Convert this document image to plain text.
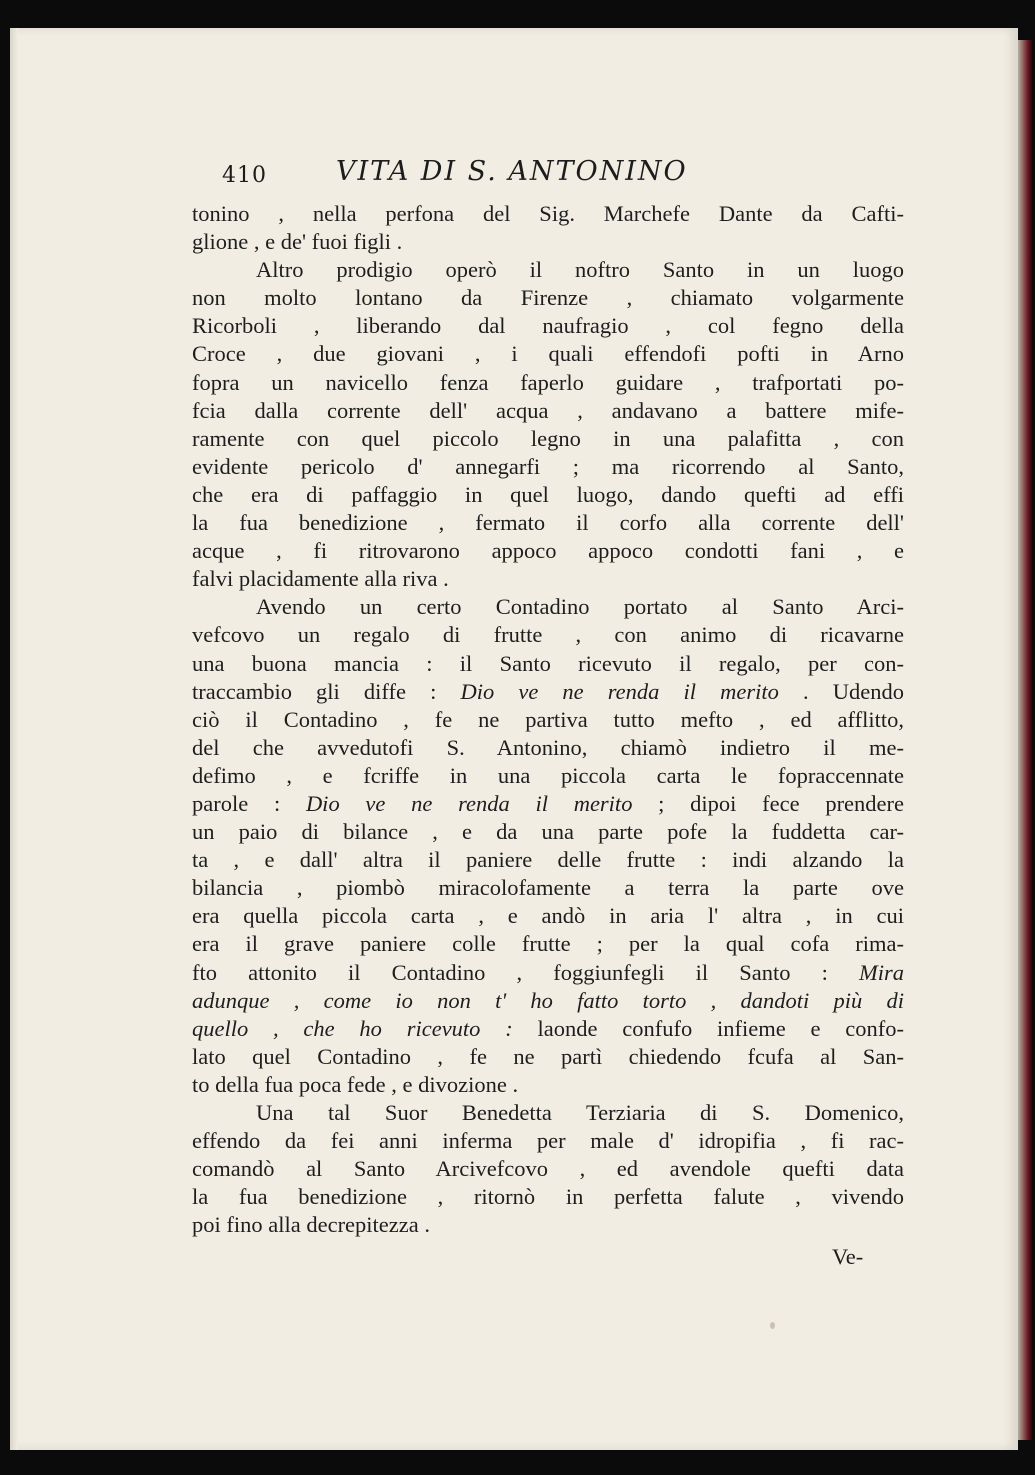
410	VITA DI S. ANTONINO
tonino , nella perfona del Sig. Marchefe Dante da Cafti-
glione , e de' fuoi figli .
Altro prodigio operò il noftro Santo in un luogo
non molto lontano da Firenze , chiamato volgarmente
Ricorboli , liberando dal naufragio , col fegno della
Croce , due giovani , i quali effendofi pofti in Arno
fopra un navicello fenza faperlo guidare , trafportati po-
fcia dalla corrente dell' acqua , andavano a battere mife-
ramente con quel piccolo legno in una palafitta , con
evidente pericolo d' annegarfi ; ma ricorrendo al Santo,
che era di paffaggio in quel luogo, dando quefti ad effi
la fua benedizione , fermato il corfo alla corrente dell'
acque , fi ritrovarono appoco appoco condotti fani , e
falvi placidamente alla riva .
Avendo un certo Contadino portato al Santo Arci-
vefcovo un regalo di frutte , con animo di ricavarne
una buona mancia : il Santo ricevuto il regalo, per con-
traccambio gli diffe : Dio ve ne renda il merito . Udendo
ciò il Contadino , fe ne partiva tutto mefto , ed afflitto,
del che avvedutofi S. Antonino, chiamò indietro il me-
defimo , e fcriffe in una piccola carta le fopraccennate
parole : Dio ve ne renda il merito ; dipoi fece prendere
un paio di bilance , e da una parte pofe la fuddetta car-
ta , e dall' altra il paniere delle frutte : indi alzando la
bilancia , piombò miracolofamente a terra la parte ove
era quella piccola carta , e andò in aria l' altra , in cui
era il grave paniere colle frutte ; per la qual cofa rima-
fto attonito il Contadino , foggiunfegli il Santo : Mira
adunque , come io non t' ho fatto torto , dandoti più di
quello , che ho ricevuto : laonde confufo infieme e confo-
lato quel Contadino , fe ne partì chiedendo fcufa al San-
to della fua poca fede , e divozione .
Una tal Suor Benedetta Terziaria di S. Domenico,
effendo da fei anni inferma per male d' idropifia , fi rac-
comandò al Santo Arcivefcovo , ed avendole quefti data
la fua benedizione , ritornò in perfetta falute , vivendo
poi fino alla decrepitezza .
Ve-
